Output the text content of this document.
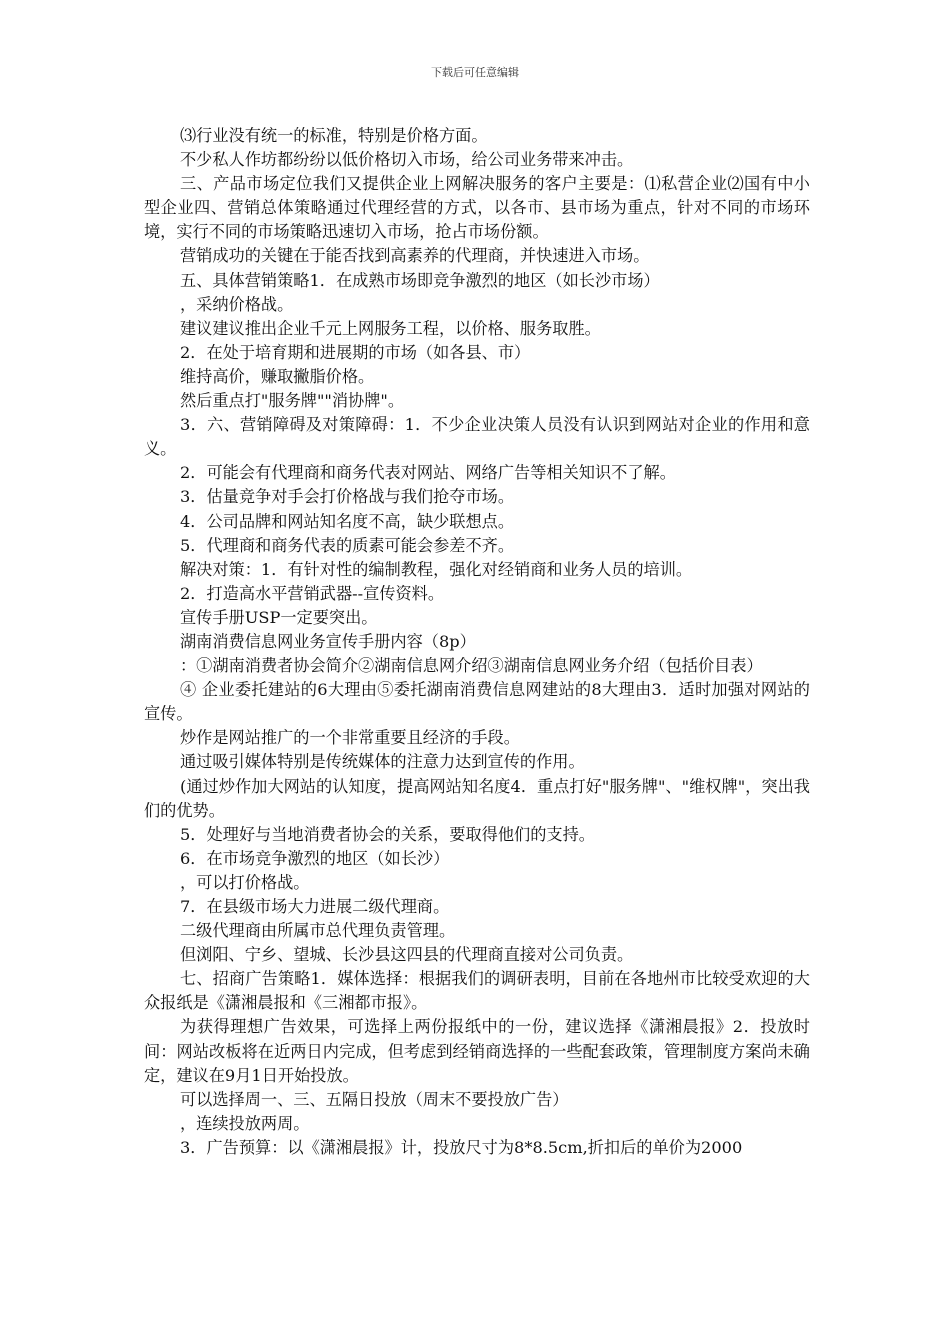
下载后可任意编辑

⑶行业没有统一的标准，特别是价格方面。

不少私人作坊都纷纷以低价格切入市场，给公司业务带来冲击。

三、产品市场定位我们又提供企业上网解决服务的客户主要是：⑴私营企业⑵国有中小型企业四、营销总体策略通过代理经营的方式，以各市、县市场为重点，针对不同的市场环境，实行不同的市场策略迅速切入市场，抢占市场份额。

营销成功的关键在于能否找到高素养的代理商，并快速进入市场。

五、具体营销策略1．在成熟市场即竞争激烈的地区（如长沙市场）

，采纳价格战。

建议建议推出企业千元上网服务工程，以价格、服务取胜。

2．在处于培育期和进展期的市场（如各县、市）

维持高价，赚取撇脂价格。

然后重点打"服务牌""消协牌"。

3．六、营销障碍及对策障碍：1．不少企业决策人员没有认识到网站对企业的作用和意义。

2．可能会有代理商和商务代表对网站、网络广告等相关知识不了解。

3．估量竞争对手会打价格战与我们抢夺市场。

4．公司品牌和网站知名度不高，缺少联想点。

5．代理商和商务代表的质素可能会参差不齐。

解决对策：1．有针对性的编制教程，强化对经销商和业务人员的培训。

2．打造高水平营销武器--宣传资料。

宣传手册USP一定要突出。

湖南消费信息网业务宣传手册内容（8p）

：①湖南消费者协会简介②湖南信息网介绍③湖南信息网业务介绍（包括价目表）

④ 企业委托建站的6大理由⑤委托湖南消费信息网建站的8大理由3．适时加强对网站的宣传。

炒作是网站推广的一个非常重要且经济的手段。

通过吸引媒体特别是传统媒体的注意力达到宣传的作用。

(通过炒作加大网站的认知度，提高网站知名度4．重点打好"服务牌"、"维权牌"，突出我们的优势。

5．处理好与当地消费者协会的关系，要取得他们的支持。

6．在市场竞争激烈的地区（如长沙）

，可以打价格战。

7．在县级市场大力进展二级代理商。

二级代理商由所属市总代理负责管理。

但浏阳、宁乡、望城、长沙县这四县的代理商直接对公司负责。

七、招商广告策略1．媒体选择：根据我们的调研表明，目前在各地州市比较受欢迎的大众报纸是《潇湘晨报和《三湘都市报》。

为获得理想广告效果，可选择上两份报纸中的一份，建议选择《潇湘晨报》2．投放时间：网站改板将在近两日内完成，但考虑到经销商选择的一些配套政策，管理制度方案尚未确定，建议在9月1日开始投放。

可以选择周一、三、五隔日投放（周末不要投放广告）

，连续投放两周。

3．广告预算：以《潇湘晨报》计，投放尺寸为8*8.5cm,折扣后的单价为2000
